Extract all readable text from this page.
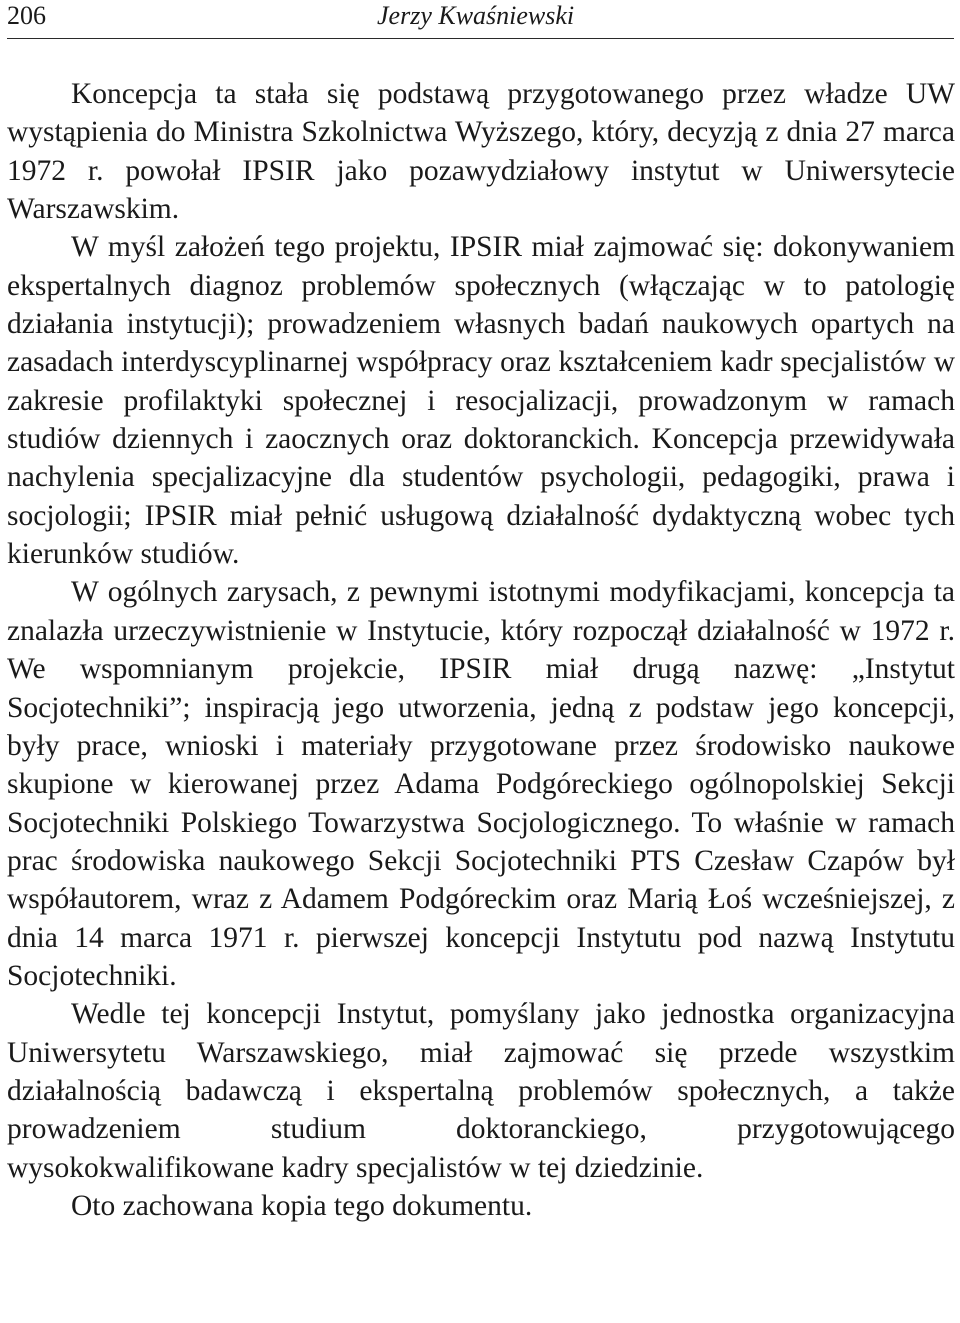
206	Jerzy Kwaśniewski

Koncepcja ta stała się podstawą przygotowanego przez władze UW wystąpienia do Ministra Szkolnictwa Wyższego, który, decyzją z dnia 27 marca 1972 r. powołał IPSIR jako pozawydziałowy instytut w Uniwersytecie Warszawskim.

W myśl założeń tego projektu, IPSIR miał zajmować się: dokonywaniem ekspertalnych diagnoz problemów społecznych (włączając w to patologię działania instytucji); prowadzeniem własnych badań naukowych opartych na zasadach interdyscyplinarnej współpracy oraz kształceniem kadr specjalistów w zakresie profilaktyki społecznej i resocjalizacji, prowadzonym w ramach studiów dziennych i zaocznych oraz doktoranckich. Koncepcja przewidywała nachylenia specjalizacyjne dla studentów psychologii, pedagogiki, prawa i socjologii; IPSIR miał pełnić usługową działalność dydaktyczną wobec tych kierunków studiów.

W ogólnych zarysach, z pewnymi istotnymi modyfikacjami, koncepcja ta znalazła urzeczywistnienie w Instytucie, który rozpoczął działalność w 1972 r. We wspomnianym projekcie, IPSIR miał drugą nazwę: „Instytut Socjotechniki”; inspiracją jego utworzenia, jedną z podstaw jego koncepcji, były prace, wnioski i materiały przygotowane przez środowisko naukowe skupione w kierowanej przez Adama Podgóreckiego ogólnopolskiej Sekcji Socjotechniki Polskiego Towarzystwa Socjologicznego. To właśnie w ramach prac środowiska naukowego Sekcji Socjotechniki PTS Czesław Czapów był współautorem, wraz z Adamem Podgóreckim oraz Marią Łoś wcześniejszej, z dnia 14 marca 1971 r. pierwszej koncepcji Instytutu pod nazwą Instytutu Socjotechniki.

Wedle tej koncepcji Instytut, pomyślany jako jednostka organizacyjna Uniwersytetu Warszawskiego, miał zajmować się przede wszystkim działalnością badawczą i ekspertalną problemów społecznych, a także prowadzeniem studium doktoranckiego, przygotowującego wysokokwalifikowane kadry specjalistów w tej dziedzinie.

Oto zachowana kopia tego dokumentu.
